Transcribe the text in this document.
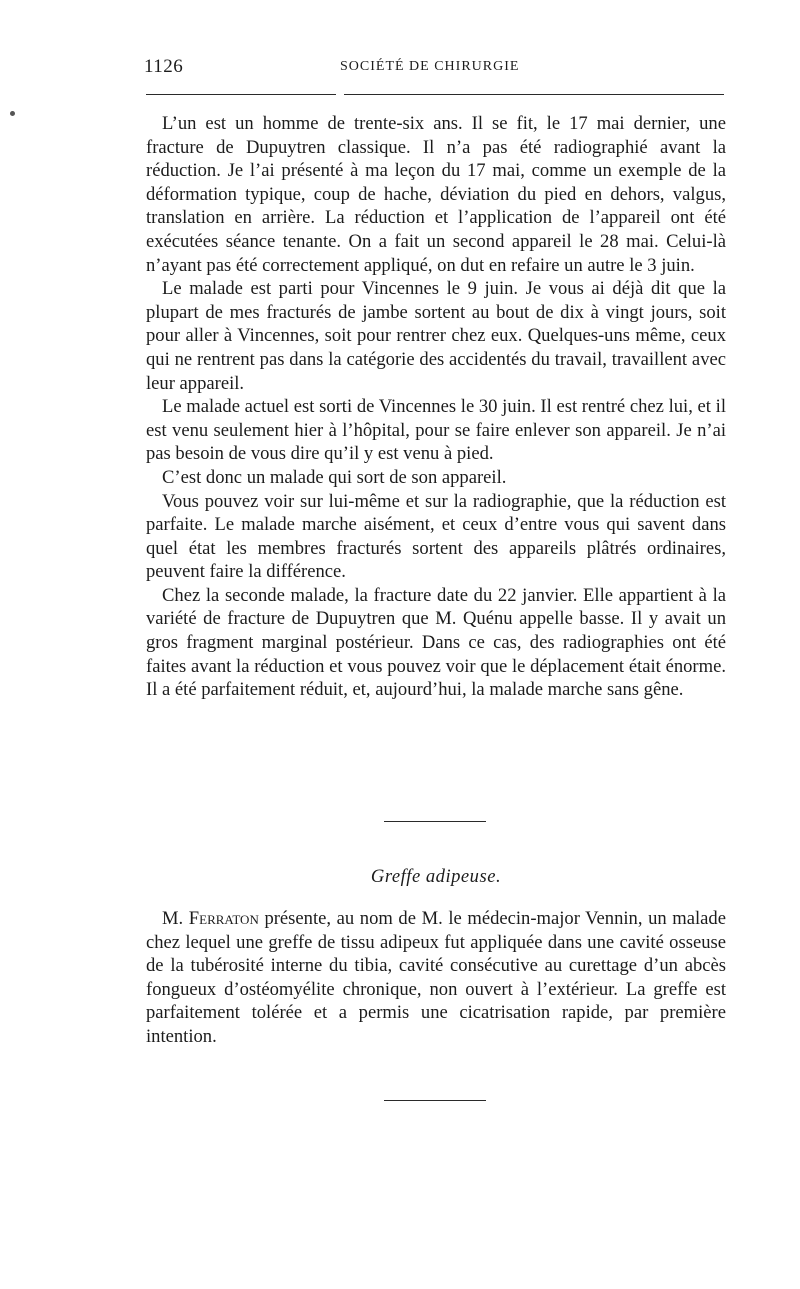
1126	SOCIÉTÉ DE CHIRURGIE

L’un est un homme de trente-six ans. Il se fit, le 17 mai dernier, une fracture de Dupuytren classique. Il n’a pas été radiographié avant la réduction. Je l’ai présenté à ma leçon du 17 mai, comme un exemple de la déformation typique, coup de hache, déviation du pied en dehors, valgus, translation en arrière. La réduction et l’application de l’appareil ont été exécutées séance tenante. On a fait un second appareil le 28 mai. Celui-là n’ayant pas été correctement appliqué, on dut en refaire un autre le 3 juin.

Le malade est parti pour Vincennes le 9 juin. Je vous ai déjà dit que la plupart de mes fracturés de jambe sortent au bout de dix à vingt jours, soit pour aller à Vincennes, soit pour rentrer chez eux. Quelques-uns même, ceux qui ne rentrent pas dans la catégorie des accidentés du travail, travaillent avec leur appareil.

Le malade actuel est sorti de Vincennes le 30 juin. Il est rentré chez lui, et il est venu seulement hier à l’hôpital, pour se faire enlever son appareil. Je n’ai pas besoin de vous dire qu’il y est venu à pied.

C’est donc un malade qui sort de son appareil.

Vous pouvez voir sur lui-même et sur la radiographie, que la réduction est parfaite. Le malade marche aisément, et ceux d’entre vous qui savent dans quel état les membres fracturés sortent des appareils plâtrés ordinaires, peuvent faire la différence.

Chez la seconde malade, la fracture date du 22 janvier. Elle appartient à la variété de fracture de Dupuytren que M. Quénu appelle basse. Il y avait un gros fragment marginal postérieur. Dans ce cas, des radiographies ont été faites avant la réduction et vous pouvez voir que le déplacement était énorme. Il a été parfaitement réduit, et, aujourd’hui, la malade marche sans gêne.

Greffe adipeuse.

M. Ferraton présente, au nom de M. le médecin-major Vennin, un malade chez lequel une greffe de tissu adipeux fut appliquée dans une cavité osseuse de la tubérosité interne du tibia, cavité consécutive au curettage d’un abcès fongueux d’ostéomyélite chronique, non ouvert à l’extérieur. La greffe est parfaitement tolérée et a permis une cicatrisation rapide, par première intention.
